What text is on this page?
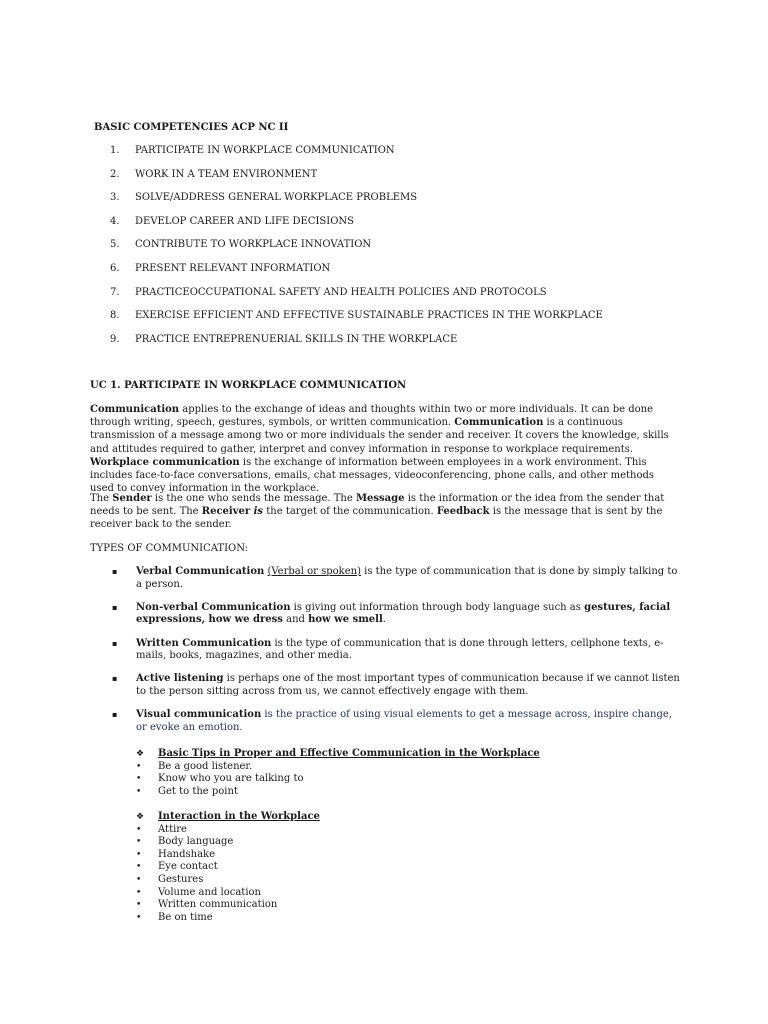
BASIC COMPETENCIES ACP NC II
1.	PARTICIPATE IN WORKPLACE COMMUNICATION
2.	WORK IN A TEAM ENVIRONMENT
3.	SOLVE/ADDRESS GENERAL WORKPLACE PROBLEMS
4.	DEVELOP CAREER AND LIFE DECISIONS
5.	CONTRIBUTE TO WORKPLACE INNOVATION
6.	PRESENT RELEVANT INFORMATION
7.	PRACTICEOCCUPATIONAL SAFETY AND HEALTH POLICIES AND PROTOCOLS
8.	EXERCISE EFFICIENT AND EFFECTIVE SUSTAINABLE PRACTICES IN THE WORKPLACE
9.	PRACTICE ENTREPRENUERIAL SKILLS IN THE WORKPLACE
UC 1. PARTICIPATE IN WORKPLACE COMMUNICATION

Communication applies to the exchange of ideas and thoughts within two or more individuals. It can be done through writing, speech, gestures, symbols, or written communication. Communication is a continuous transmission of a message among two or more individuals the sender and receiver. It covers the knowledge, skills and attitudes required to gather, interpret and convey information in response to workplace requirements. Workplace communication is the exchange of information between employees in a work environment. This includes face-to-face conversations, emails, chat messages, videoconferencing, phone calls, and other methods used to convey information in the workplace.

The Sender is the one who sends the message. The Message is the information or the idea from the sender that needs to be sent. The Receiver is the target of the communication. Feedback is the message that is sent by the receiver back to the sender.

TYPES OF COMMUNICATION:
▪	Verbal Communication (Verbal or spoken) is the type of communication that is done by simply talking to a person.
▪	Non-verbal Communication is giving out information through body language such as gestures, facial expressions, how we dress and how we smell.
▪	Written Communication is the type of communication that is done through letters, cellphone texts, e-mails, books, magazines, and other media.
▪	Active listening is perhaps one of the most important types of communication because if we cannot listen to the person sitting across from us, we cannot effectively engage with them.
▪	Visual communication is the practice of using visual elements to get a message across, inspire change, or evoke an emotion.
❖	Basic Tips in Proper and Effective Communication in the Workplace
•	Be a good listener.
•	Know who you are talking to
•	Get to the point
❖	Interaction in the Workplace
•	Attire
•	Body language
•	Handshake
•	Eye contact
•	Gestures
•	Volume and location
•	Written communication
•	Be on time
